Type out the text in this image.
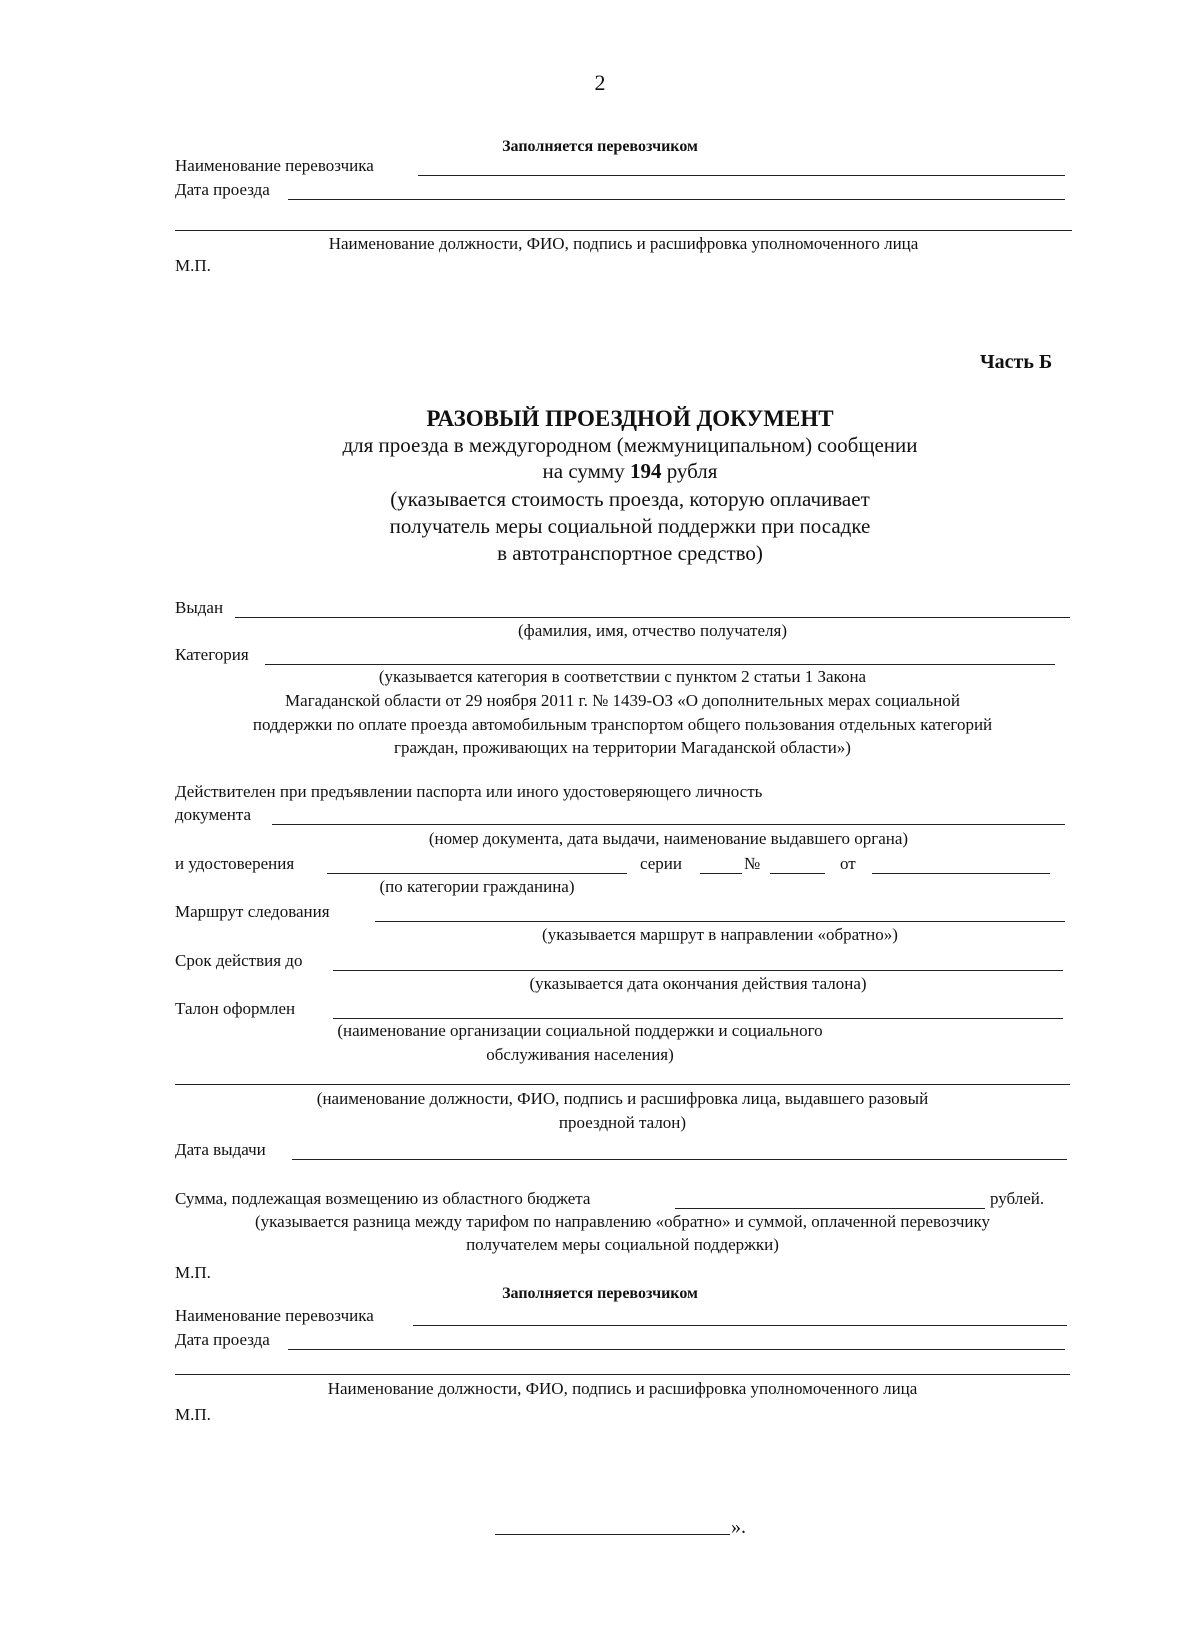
2
Заполняется перевозчиком
Наименование перевозчика
Дата проезда
Наименование должности, ФИО, подпись и расшифровка уполномоченного лица
М.П.
Часть Б
РАЗОВЫЙ ПРОЕЗДНОЙ ДОКУМЕНТ
для проезда в междугородном (межмуниципальном) сообщении
на сумму 194 рубля
(указывается стоимость проезда, которую оплачивает
получатель меры социальной поддержки при посадке
в автотранспортное средство)
Выдан
(фамилия, имя, отчество получателя)
Категория
(указывается категория в соответствии с пунктом 2 статьи 1 Закона
Магаданской области от 29 ноября 2011 г. № 1439-ОЗ «О дополнительных мерах социальной
поддержки по оплате проезда автомобильным транспортом общего пользования отдельных категорий
граждан, проживающих на территории Магаданской области»)
Действителен при предъявлении паспорта или иного удостоверяющего личность
документа
(номер документа, дата выдачи, наименование выдавшего органа)
и удостоверения	серии	№	от
(по категории гражданина)
Маршрут следования
(указывается маршрут в направлении «обратно»)
Срок действия до
(указывается дата окончания действия талона)
Талон оформлен
(наименование организации социальной поддержки и социального
обслуживания населения)
(наименование должности, ФИО, подпись и расшифровка лица, выдавшего разовый
проездной талон)
Дата выдачи
Сумма, подлежащая возмещению из областного бюджета	рублей.
(указывается разница между тарифом по направлению «обратно» и суммой, оплаченной перевозчику
получателем меры социальной поддержки)
М.П.
Заполняется перевозчиком
Наименование перевозчика
Дата проезда
Наименование должности, ФИО, подпись и расшифровка уполномоченного лица
М.П.
».
